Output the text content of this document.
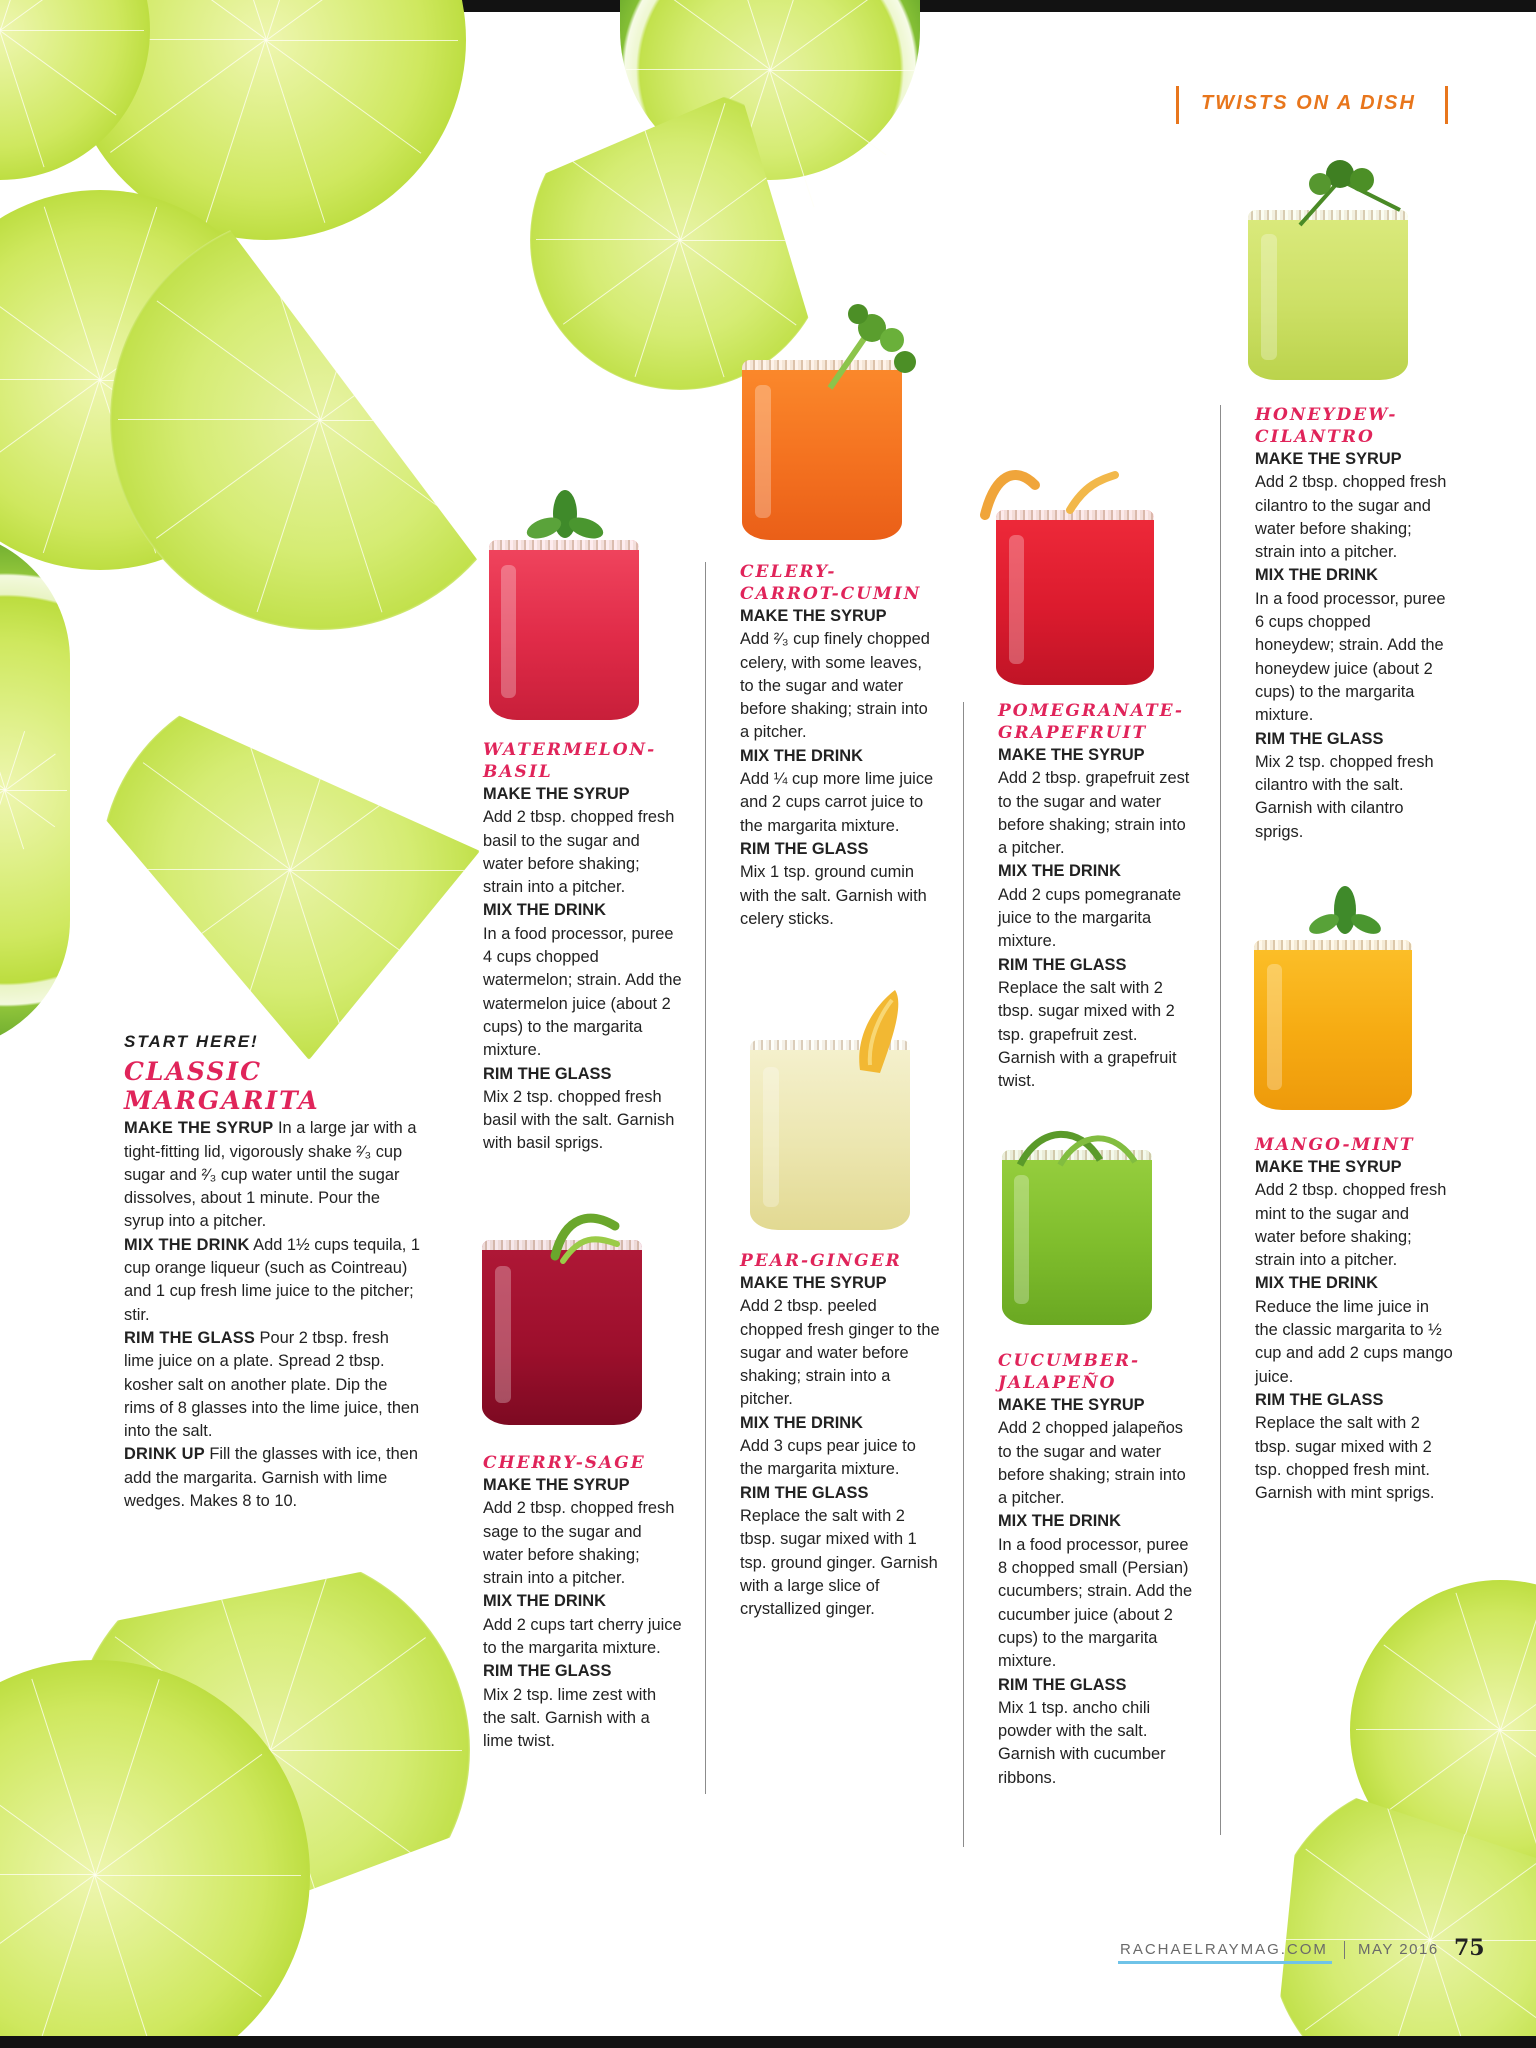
TWISTS ON A DISH
START HERE!
CLASSIC
MARGARITA

MAKE THE SYRUP In a large jar with a tight-fitting lid, vigorously shake ²⁄₃ cup sugar and ²⁄₃ cup water until the sugar dissolves, about 1 minute. Pour the syrup into a pitcher.

MIX THE DRINK Add 1½ cups tequila, 1 cup orange liqueur (such as Cointreau) and 1 cup fresh lime juice to the pitcher; stir.

RIM THE GLASS Pour 2 tbsp. fresh lime juice on a plate. Spread 2 tbsp. kosher salt on another plate. Dip the rims of 8 glasses into the lime juice, then into the salt.

DRINK UP Fill the glasses with ice, then add the margarita. Garnish with lime wedges. Makes 8 to 10.

WATERMELON-
BASIL

MAKE THE SYRUP

Add 2 tbsp. chopped fresh basil to the sugar and water before shaking; strain into a pitcher.

MIX THE DRINK

In a food processor, puree 4 cups chopped watermelon; strain. Add the watermelon juice (about 2 cups) to the margarita mixture.

RIM THE GLASS

Mix 2 tsp. chopped fresh basil with the salt. Garnish with basil sprigs.

CHERRY-SAGE

MAKE THE SYRUP

Add 2 tbsp. chopped fresh sage to the sugar and water before shaking; strain into a pitcher.

MIX THE DRINK

Add 2 cups tart cherry juice to the margarita mixture.

RIM THE GLASS

Mix 2 tsp. lime zest with the salt. Garnish with a lime twist.

CELERY-
CARROT-CUMIN

MAKE THE SYRUP

Add ²⁄₃ cup finely chopped celery, with some leaves, to the sugar and water before shaking; strain into a pitcher.

MIX THE DRINK

Add ¼ cup more lime juice and 2 cups carrot juice to the margarita mixture.

RIM THE GLASS

Mix 1 tsp. ground cumin with the salt. Garnish with celery sticks.

PEAR-GINGER

MAKE THE SYRUP

Add 2 tbsp. peeled chopped fresh ginger to the sugar and water before shaking; strain into a pitcher.

MIX THE DRINK

Add 3 cups pear juice to the margarita mixture.

RIM THE GLASS

Replace the salt with 2 tbsp. sugar mixed with 1 tsp. ground ginger. Garnish with a large slice of crystallized ginger.

POMEGRANATE-
GRAPEFRUIT

MAKE THE SYRUP

Add 2 tbsp. grapefruit zest to the sugar and water before shaking; strain into a pitcher.

MIX THE DRINK

Add 2 cups pomegranate juice to the margarita mixture.

RIM THE GLASS

Replace the salt with 2 tbsp. sugar mixed with 2 tsp. grapefruit zest. Garnish with a grapefruit twist.

CUCUMBER-
JALAPEÑO

MAKE THE SYRUP

Add 2 chopped jalapeños to the sugar and water before shaking; strain into a pitcher.

MIX THE DRINK

In a food processor, puree 8 chopped small (Persian) cucumbers; strain. Add the cucumber juice (about 2 cups) to the margarita mixture.

RIM THE GLASS

Mix 1 tsp. ancho chili powder with the salt. Garnish with cucumber ribbons.

HONEYDEW-
CILANTRO

MAKE THE SYRUP

Add 2 tbsp. chopped fresh cilantro to the sugar and water before shaking; strain into a pitcher.

MIX THE DRINK

In a food processor, puree 6 cups chopped honeydew; strain. Add the honeydew juice (about 2 cups) to the margarita mixture.

RIM THE GLASS

Mix 2 tsp. chopped fresh cilantro with the salt. Garnish with cilantro sprigs.

MANGO-MINT

MAKE THE SYRUP

Add 2 tbsp. chopped fresh mint to the sugar and water before shaking; strain into a pitcher.

MIX THE DRINK

Reduce the lime juice in the classic margarita to ½ cup and add 2 cups mango juice.

RIM THE GLASS

Replace the salt with 2 tbsp. sugar mixed with 2 tsp. chopped fresh mint. Garnish with mint sprigs.

RACHAELRAYMAG.COM MAY 2016 75
